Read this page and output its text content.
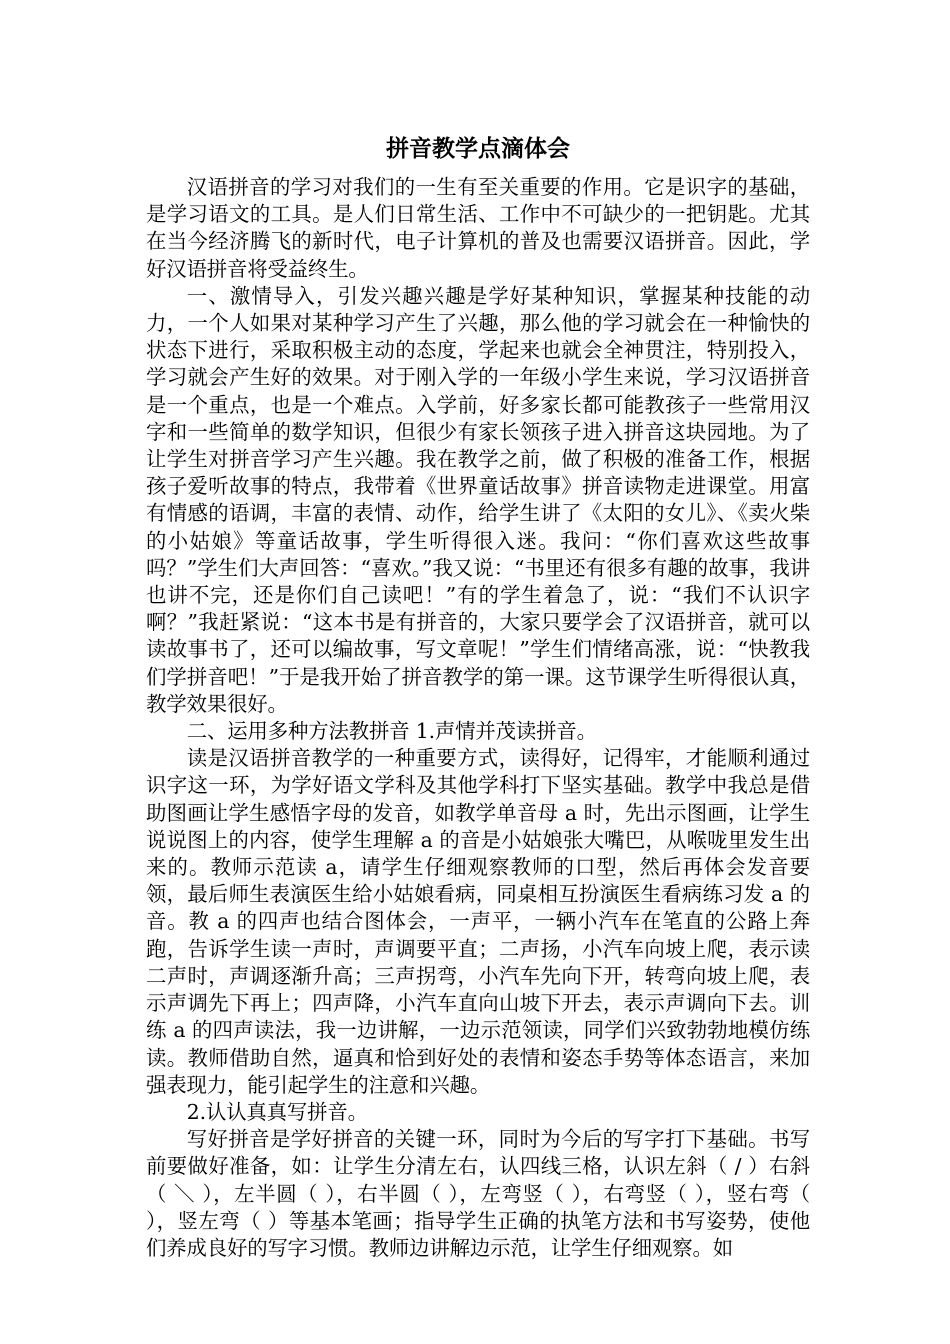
拼音教学点滴体会

汉语拼音的学习对我们的一生有至关重要的作用。它是识字的基础，是学习语文的工具。是人们日常生活、工作中不可缺少的一把钥匙。尤其在当今经济腾飞的新时代，电子计算机的普及也需要汉语拼音。因此，学好汉语拼音将受益终生。

一、激情导入，引发兴趣兴趣是学好某种知识，掌握某种技能的动力，一个人如果对某种学习产生了兴趣，那么他的学习就会在一种愉快的状态下进行，采取积极主动的态度，学起来也就会全神贯注，特别投入，学习就会产生好的效果。对于刚入学的一年级小学生来说，学习汉语拼音是一个重点，也是一个难点。入学前，好多家长都可能教孩子一些常用汉字和一些简单的数学知识，但很少有家长领孩子进入拼音这块园地。为了让学生对拼音学习产生兴趣。我在教学之前，做了积极的准备工作，根据孩子爱听故事的特点，我带着《世界童话故事》拼音读物走进课堂。用富有情感的语调，丰富的表情、动作，给学生讲了《太阳的女儿》、《卖火柴的小姑娘》等童话故事，学生听得很入迷。我问：“你们喜欢这些故事吗？”学生们大声回答：“喜欢。”我又说：“书里还有很多有趣的故事，我讲也讲不完，还是你们自己读吧！”有的学生着急了，说：“我们不认识字啊？”我赶紧说：“这本书是有拼音的，大家只要学会了汉语拼音，就可以读故事书了，还可以编故事，写文章呢！”学生们情绪高涨，说：“快教我们学拼音吧！”于是我开始了拼音教学的第一课。这节课学生听得很认真，教学效果很好。

二、运用多种方法教拼音 1.声情并茂读拼音。

读是汉语拼音教学的一种重要方式，读得好，记得牢，才能顺利通过识字这一环，为学好语文学科及其他学科打下坚实基础。教学中我总是借助图画让学生感悟字母的发音，如教学单音母 a 时，先出示图画，让学生说说图上的内容，使学生理解 a 的音是小姑娘张大嘴巴，从喉咙里发生出来的。教师示范读 a，请学生仔细观察教师的口型，然后再体会发音要领，最后师生表演医生给小姑娘看病，同桌相互扮演医生看病练习发 a 的音。教 a 的四声也结合图体会，一声平，一辆小汽车在笔直的公路上奔跑，告诉学生读一声时，声调要平直；二声扬，小汽车向坡上爬，表示读二声时，声调逐渐升高；三声拐弯，小汽车先向下开，转弯向坡上爬，表示声调先下再上；四声降，小汽车直向山坡下开去，表示声调向下去。训练 a 的四声读法，我一边讲解，一边示范领读，同学们兴致勃勃地模仿练读。教师借助自然，逼真和恰到好处的表情和姿态手势等体态语言，来加强表现力，能引起学生的注意和兴趣。

2.认认真真写拼音。

写好拼音是学好拼音的关键一环，同时为今后的写字打下基础。书写前要做好准备，如：让学生分清左右，认四线三格，认识左斜（ / ）右斜（ ＼ ），左半圆（ ），右半圆（ ），左弯竖（ ），右弯竖（ ），竖右弯（ ），竖左弯（ ）等基本笔画；指导学生正确的执笔方法和书写姿势，使他们养成良好的写字习惯。教师边讲解边示范，让学生仔细观察。如
